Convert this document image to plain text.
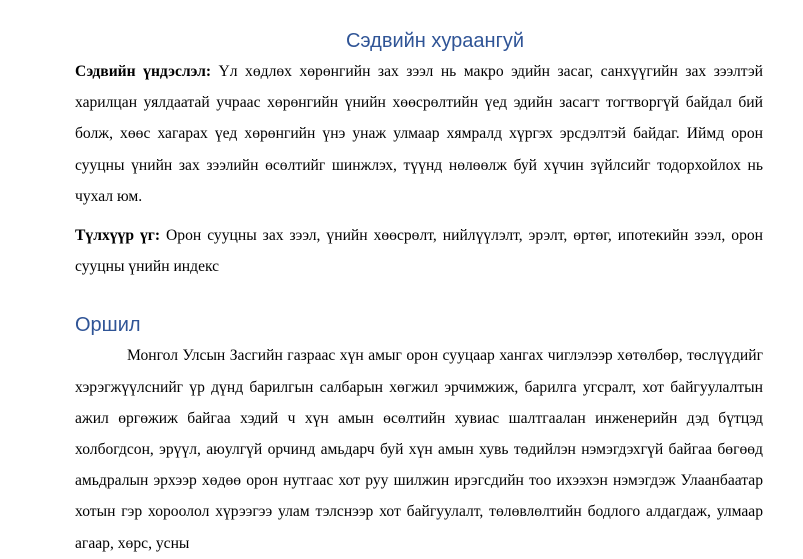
Сэдвийн хураангуй

Сэдвийн үндэслэл: Үл хөдлөх хөрөнгийн зах зээл нь макро эдийн засаг, санхүүгийн зах зээлтэй харилцан уялдаатай учраас хөрөнгийн үнийн хөөсрөлтийн үед эдийн засагт тогтворгүй байдал бий болж, хөөс хагарах үед хөрөнгийн үнэ унаж улмаар хямралд хүргэх эрсдэлтэй байдаг. Иймд орон сууцны үнийн зах зээлийн өсөлтийг шинжлэх, түүнд нөлөөлж буй хүчин зүйлсийг тодорхойлох нь чухал юм.

Түлхүүр үг: Орон сууцны зах зээл, үнийн хөөсрөлт, нийлүүлэлт, эрэлт, өртөг, ипотекийн зээл, орон сууцны үнийн индекс

Оршил

Монгол Улсын Засгийн газраас хүн амыг орон сууцаар хангах чиглэлээр хөтөлбөр, төслүүдийг хэрэгжүүлснийг үр дүнд барилгын салбарын хөгжил эрчимжиж, барилга угсралт, хот байгуулалтын ажил өргөжиж байгаа хэдий ч хүн амын өсөлтийн хувиас шалтгаалан инженерийн дэд бүтцэд холбогдсон, эрүүл, аюулгүй орчинд амьдарч буй хүн амын хувь төдийлэн нэмэгдэхгүй байгаа бөгөөд амьдралын эрхээр хөдөө орон нутгаас хот руу шилжин ирэгсдийн тоо ихээхэн нэмэгдэж Улаанбаатар хотын гэр хороолол хүрээгээ улам тэлснээр хот байгуулалт, төлөвлөлтийн бодлого алдагдаж, улмаар агаар, хөрс, усны
